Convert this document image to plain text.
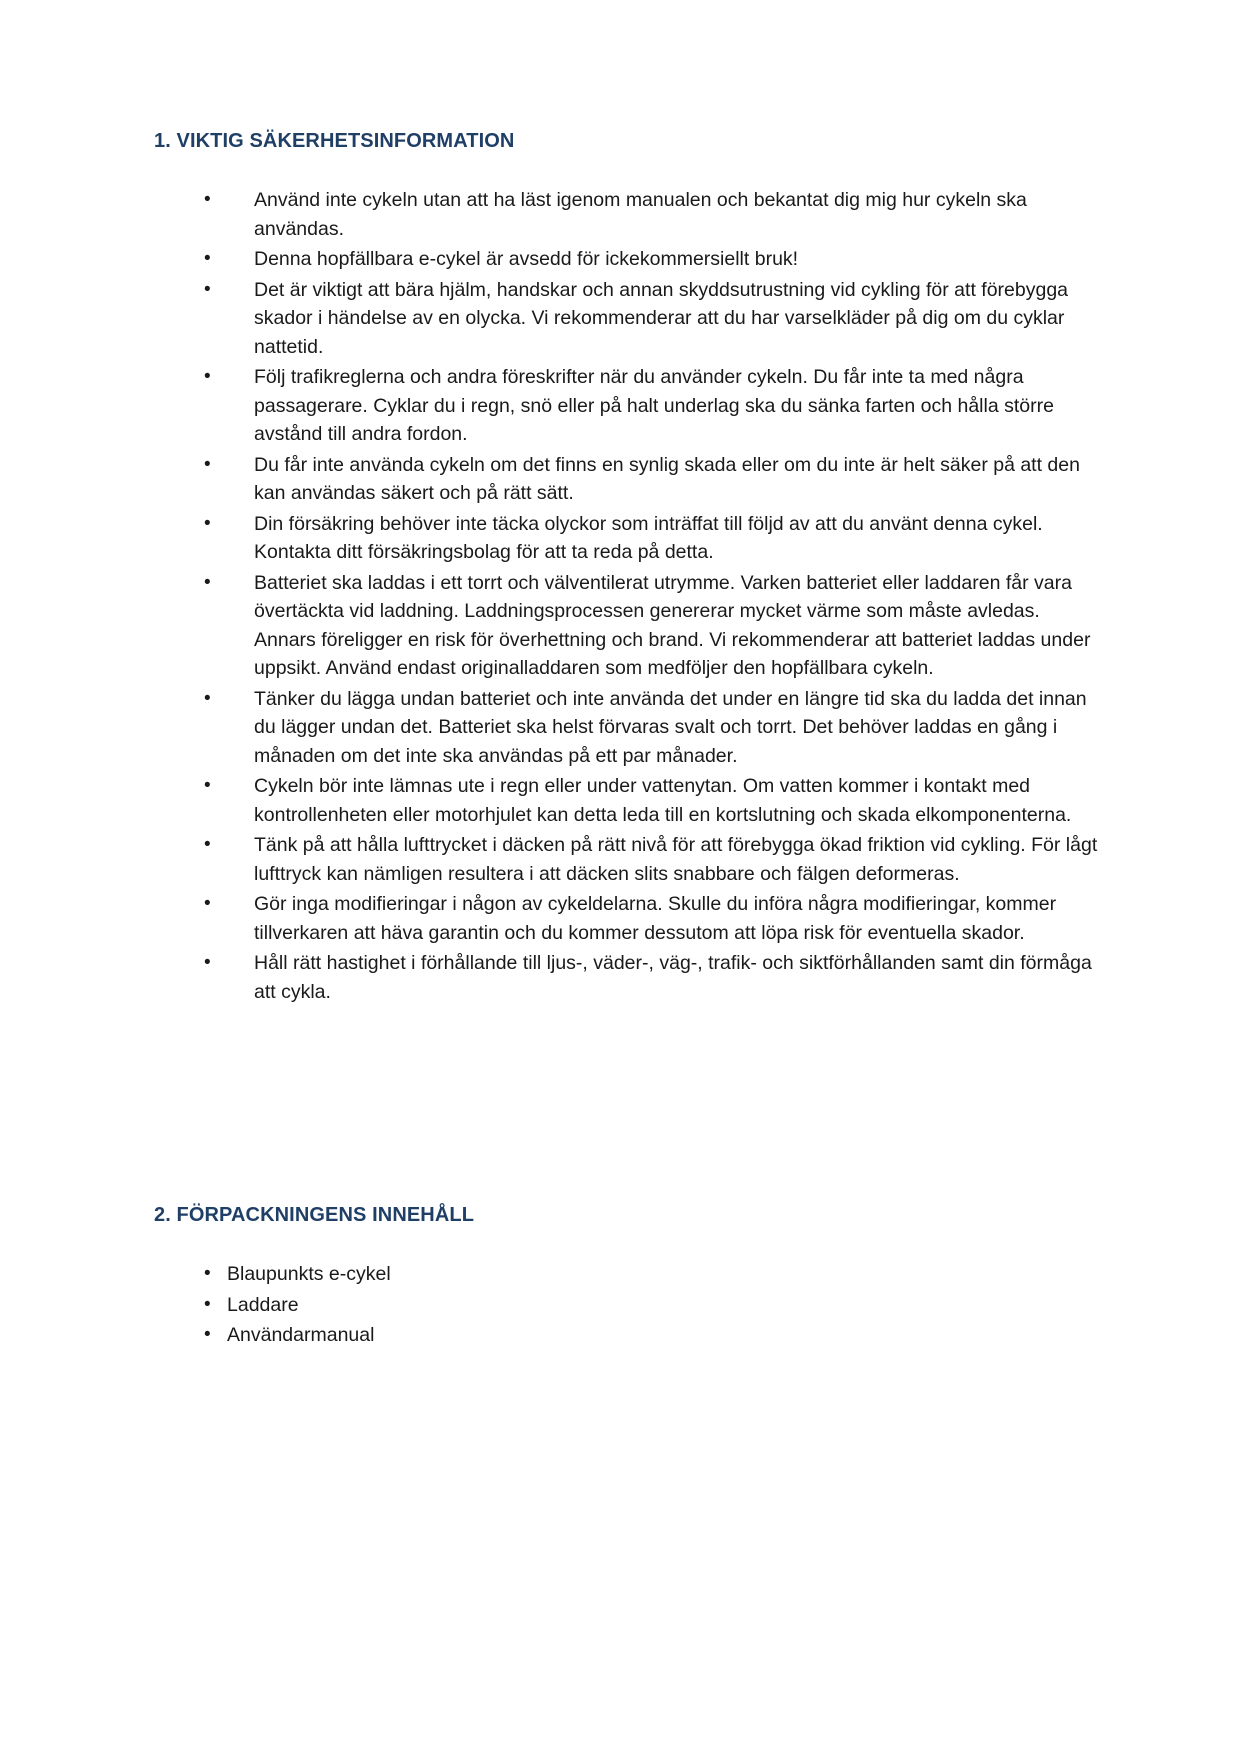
1. VIKTIG SÄKERHETSINFORMATION
• Använd inte cykeln utan att ha läst igenom manualen och bekantat dig mig hur cykeln ska användas.
• Denna hopfällbara e-cykel är avsedd för ickekommersiellt bruk!
• Det är viktigt att bära hjälm, handskar och annan skyddsutrustning vid cykling för att förebygga skador i händelse av en olycka. Vi rekommenderar att du har varselkläder på dig om du cyklar nattetid.
• Följ trafikreglerna och andra föreskrifter när du använder cykeln. Du får inte ta med några passagerare. Cyklar du i regn, snö eller på halt underlag ska du sänka farten och hålla större avstånd till andra fordon.
• Du får inte använda cykeln om det finns en synlig skada eller om du inte är helt säker på att den kan användas säkert och på rätt sätt.
• Din försäkring behöver inte täcka olyckor som inträffat till följd av att du använt denna cykel. Kontakta ditt försäkringsbolag för att ta reda på detta.
• Batteriet ska laddas i ett torrt och välventilerat utrymme. Varken batteriet eller laddaren får vara övertäckta vid laddning. Laddningsprocessen genererar mycket värme som måste avledas. Annars föreligger en risk för överhettning och brand. Vi rekommenderar att batteriet laddas under uppsikt. Använd endast originalladdaren som medföljer den hopfällbara cykeln.
• Tänker du lägga undan batteriet och inte använda det under en längre tid ska du ladda det innan du lägger undan det. Batteriet ska helst förvaras svalt och torrt. Det behöver laddas en gång i månaden om det inte ska användas på ett par månader.
• Cykeln bör inte lämnas ute i regn eller under vattenytan. Om vatten kommer i kontakt med kontrollenheten eller motorhjulet kan detta leda till en kortslutning och skada elkomponenterna.
• Tänk på att hålla lufttrycket i däcken på rätt nivå för att förebygga ökad friktion vid cykling. För lågt lufttryck kan nämligen resultera i att däcken slits snabbare och fälgen deformeras.
• Gör inga modifieringar i någon av cykeldelarna. Skulle du införa några modifieringar, kommer tillverkaren att häva garantin och du kommer dessutom att löpa risk för eventuella skador.
• Håll rätt hastighet i förhållande till ljus-, väder-, väg-, trafik- och siktförhållanden samt din förmåga att cykla.
2. FÖRPACKNINGENS INNEHÅLL
• Blaupunkts e-cykel
• Laddare
• Användarmanual
